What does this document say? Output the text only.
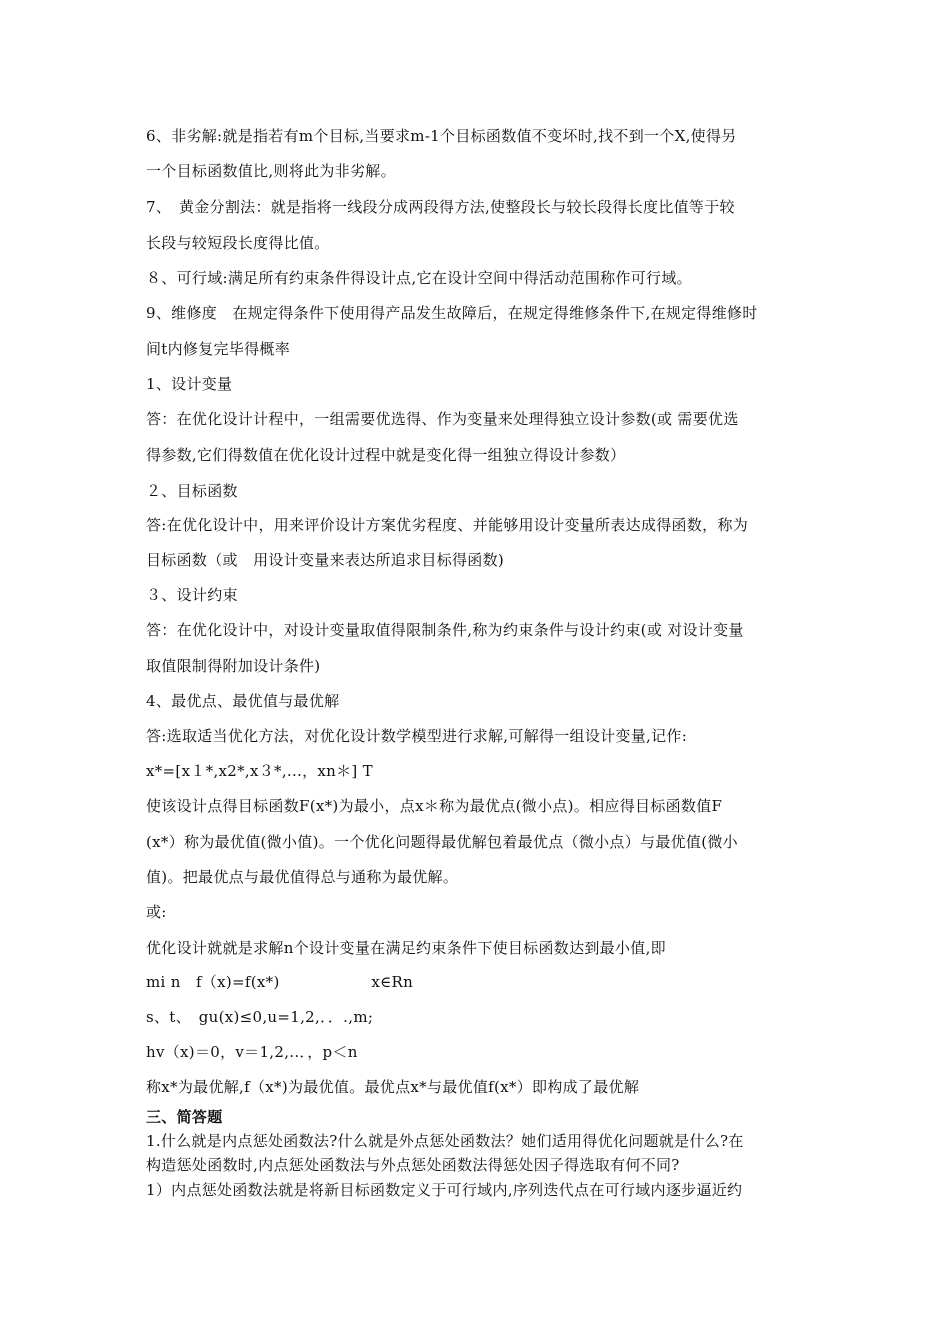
6、非劣解:就是指若有m个目标,当要求m-1个目标函数值不变坏时,找不到一个X,使得另
一个目标函数值比,则将此为非劣解。
7、　黄金分割法：就是指将一线段分成两段得方法,使整段长与较长段得长度比值等于较
长段与较短段长度得比值。
８、可行域:满足所有约束条件得设计点,它在设计空间中得活动范围称作可行域。
9、维修度　在规定得条件下使用得产品发生故障后，在规定得维修条件下,在规定得维修时
间t内修复完毕得概率
1、设计变量
答：在优化设计计程中，一组需要优选得、作为变量来处理得独立设计参数(或 需要优选
得参数,它们得数值在优化设计过程中就是变化得一组独立得设计参数）
２、目标函数
答:在优化设计中，用来评价设计方案优劣程度、并能够用设计变量所表达成得函数，称为
目标函数（或　用设计变量来表达所追求目标得函数)
３、设计约束
答：在优化设计中，对设计变量取值得限制条件,称为约束条件与设计约束(或 对设计变量
取值限制得附加设计条件)
4、最优点、最优值与最优解
答:选取适当优化方法，对优化设计数学模型进行求解,可解得一组设计变量,记作:
x*=[x１*,x2*,x３*,...，xn＊] T
使该设计点得目标函数F(x*)为最小，点x＊称为最优点(微小点)。相应得目标函数值F
(x*）称为最优值(微小值)。一个优化问题得最优解包着最优点（微小点）与最优值(微小
值)。把最优点与最优值得总与通称为最优解。
或:
优化设计就就是求解n个设计变量在满足约束条件下使目标函数达到最小值,即
mi n　f（x)=f(x*)　　　　　　x∈Rn
s、t、　gu(x)≤0,u=1,2,．．.,m;
hv（x)＝0，v＝1,2,..．，p＜n
称x*为最优解,f（x*)为最优值。最优点x*与最优值f(x*）即构成了最优解
三、简答题
1.什么就是内点惩处函数法?什么就是外点惩处函数法？她们适用得优化问题就是什么?在
构造惩处函数时,内点惩处函数法与外点惩处函数法得惩处因子得选取有何不同?
1）内点惩处函数法就是将新目标函数定义于可行域内,序列迭代点在可行域内逐步逼近约
